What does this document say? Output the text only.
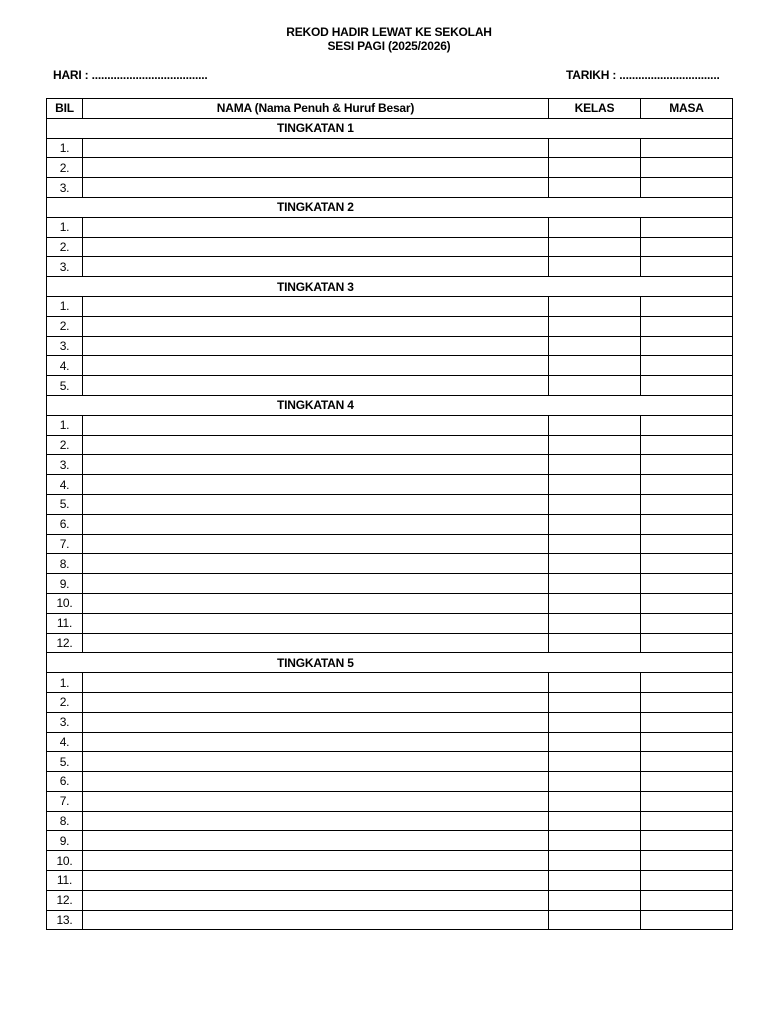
REKOD HADIR LEWAT KE SEKOLAH
SESI PAGI (2025/2026)
HARI : .....................................	TARIKH : ................................
BIL	NAMA (Nama Penuh & Huruf Besar)	KELAS	MASA
TINGKATAN 1			
1.			
2.			
3.			
TINGKATAN 2			
1.			
2.			
3.			
TINGKATAN 3			
1.			
2.			
3.			
4.			
5.			
TINGKATAN 4			
1.			
2.			
3.			
4.			
5.			
6.			
7.			
8.			
9.			
10.			
11.			
12.			
TINGKATAN 5			
1.			
2.			
3.			
4.			
5.			
6.			
7.			
8.			
9.			
10.			
11.			
12.			
13.			
